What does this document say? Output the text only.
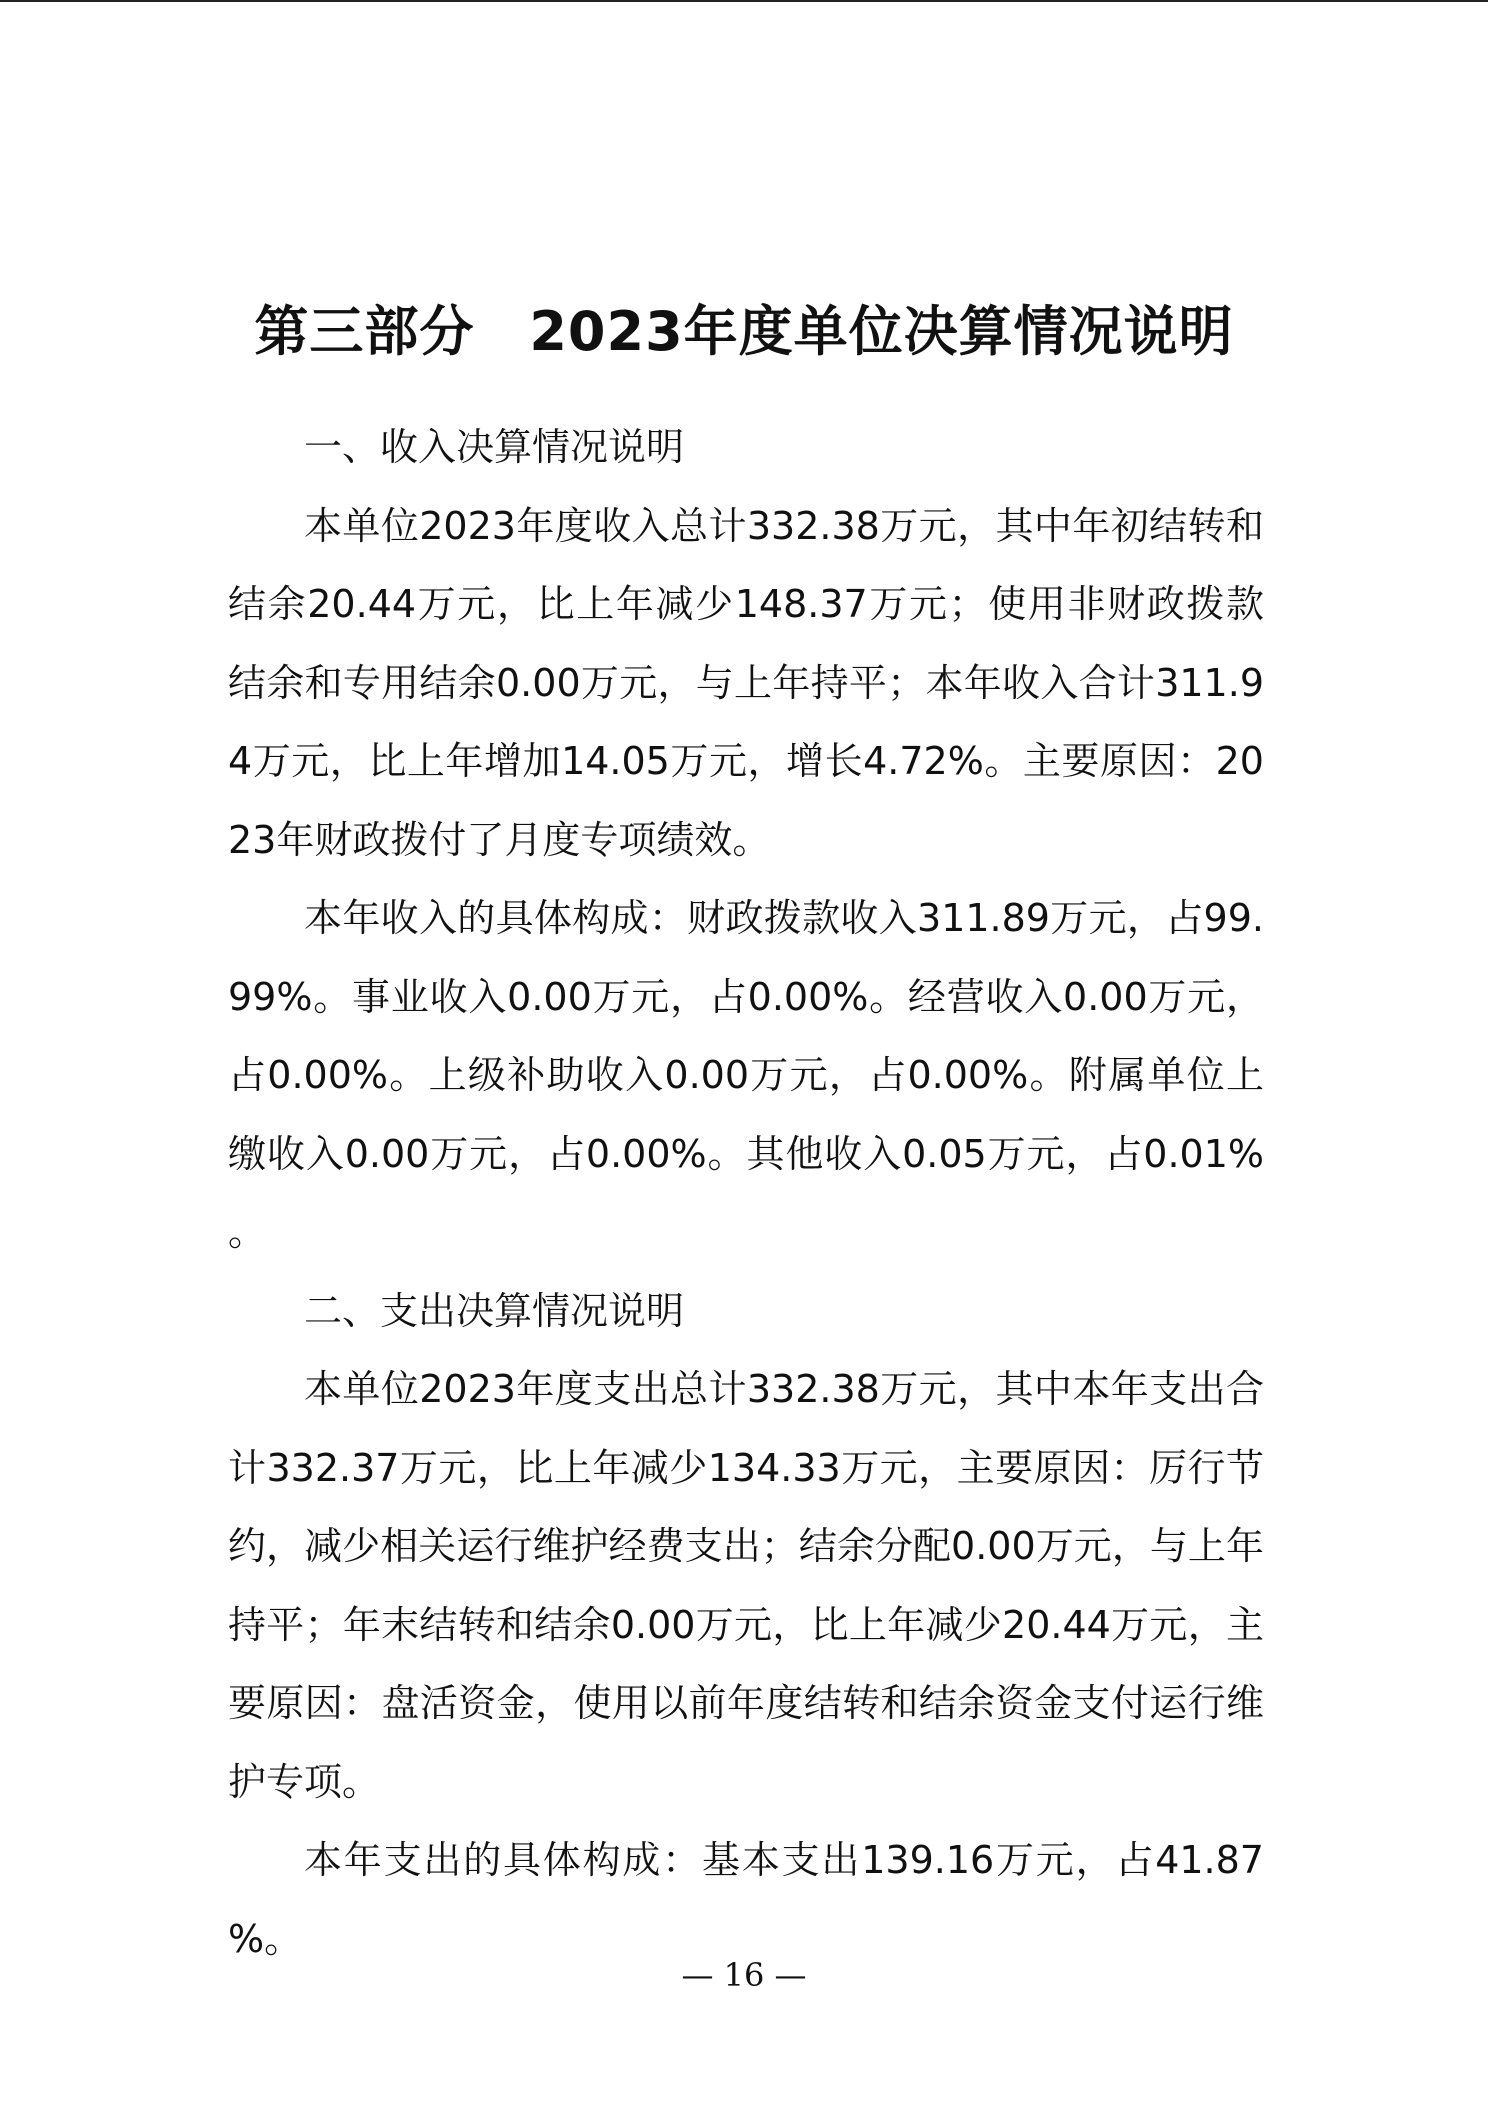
第三部分　2023年度单位决算情况说明
一、收入决算情况说明

本单位2023年度收入总计332.38万元，其中年初结转和结余20.44万元，比上年减少148.37万元；使用非财政拨款结余和专用结余0.00万元，与上年持平；本年收入合计311.94万元，比上年增加14.05万元，增长4.72%。主要原因：2023年财政拨付了月度专项绩效。

本年收入的具体构成：财政拨款收入311.89万元，占99.99%。事业收入0.00万元，占0.00%。经营收入0.00万元，占0.00%。上级补助收入0.00万元，占0.00%。附属单位上缴收入0.00万元，占0.00%。其他收入0.05万元，占0.01%。

二、支出决算情况说明

本单位2023年度支出总计332.38万元，其中本年支出合计332.37万元，比上年减少134.33万元，主要原因：厉行节约，减少相关运行维护经费支出；结余分配0.00万元，与上年持平；年末结转和结余0.00万元，比上年减少20.44万元，主要原因：盘活资金，使用以前年度结转和结余资金支付运行维护专项。

本年支出的具体构成：基本支出139.16万元，占41.87%。

— 16 —
